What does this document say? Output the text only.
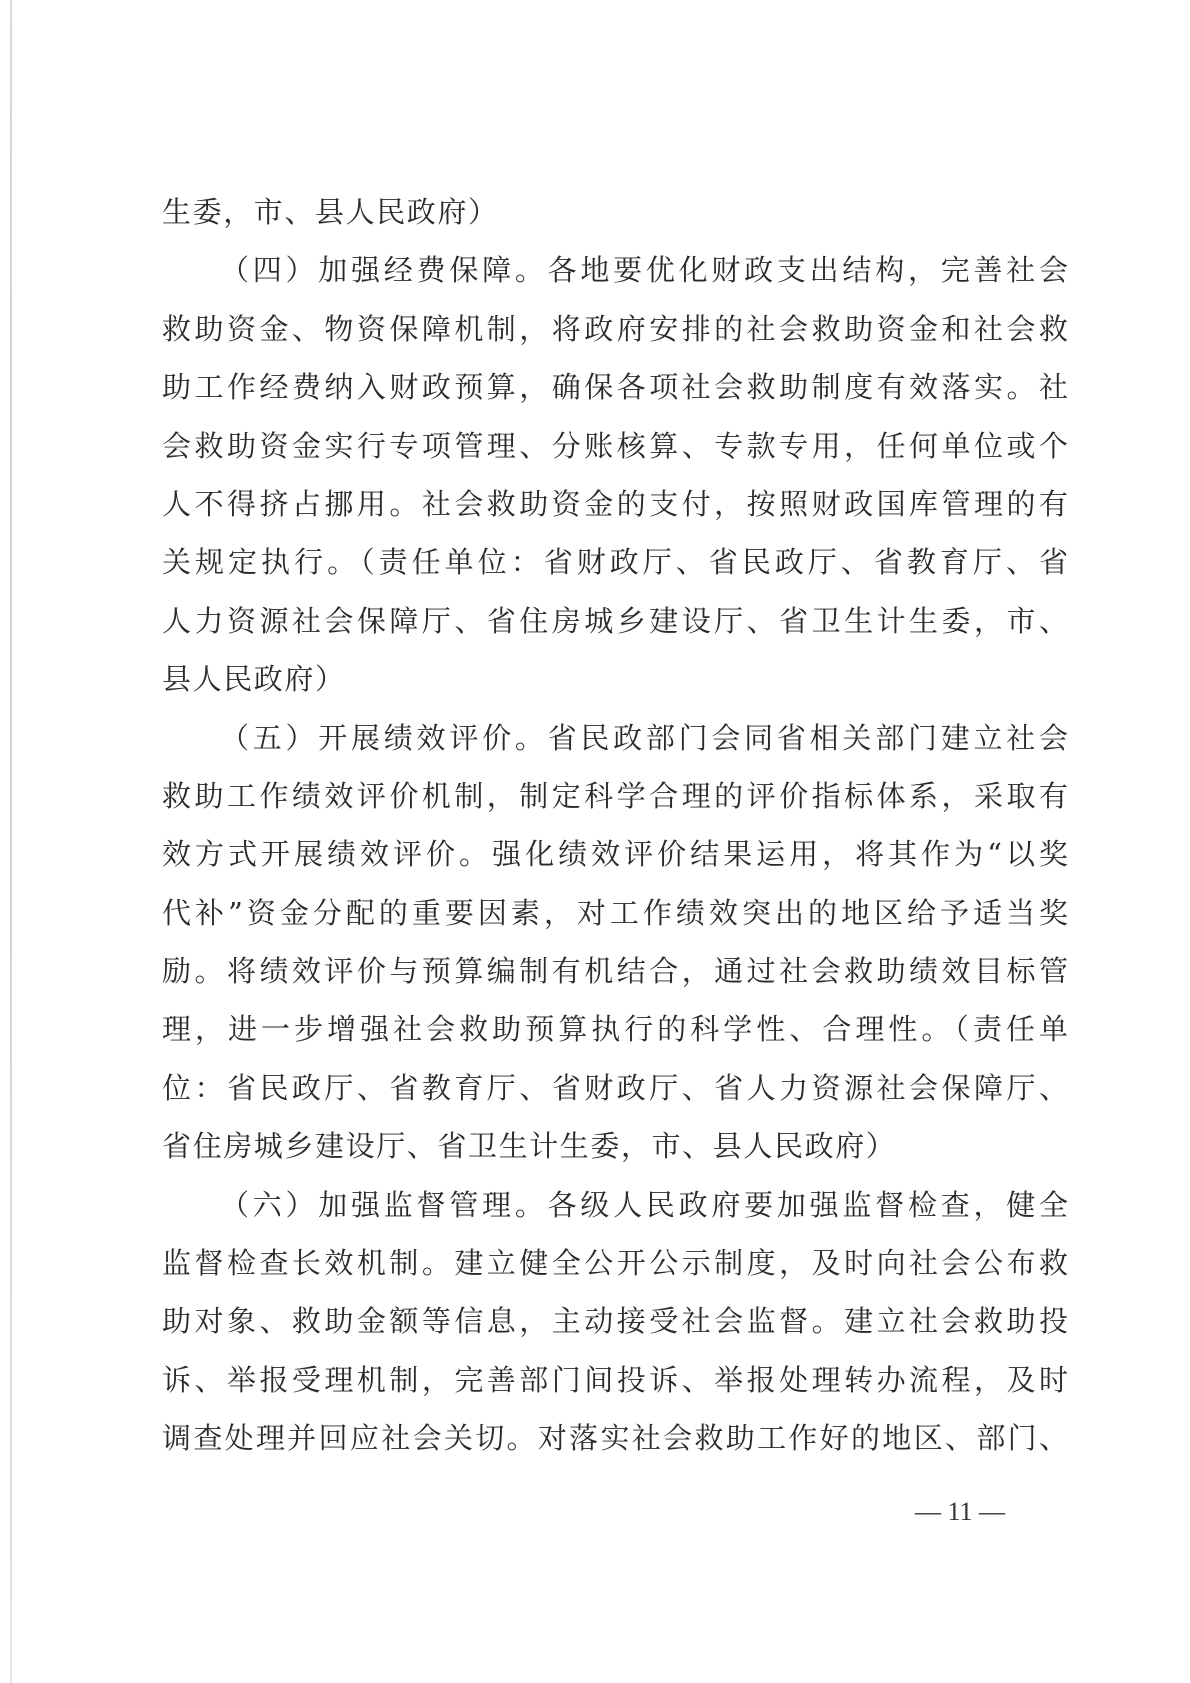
生委，市、县人民政府）
（四）加强经费保障。各地要优化财政支出结构，完善社会
救助资金、物资保障机制，将政府安排的社会救助资金和社会救
助工作经费纳入财政预算，确保各项社会救助制度有效落实。社
会救助资金实行专项管理、分账核算、专款专用，任何单位或个
人不得挤占挪用。社会救助资金的支付，按照财政国库管理的有
关规定执行。（责任单位：省财政厅、省民政厅、省教育厅、省
人力资源社会保障厅、省住房城乡建设厅、省卫生计生委，市、
县人民政府）
（五）开展绩效评价。省民政部门会同省相关部门建立社会
救助工作绩效评价机制，制定科学合理的评价指标体系，采取有
效方式开展绩效评价。强化绩效评价结果运用，将其作为“以奖
代补”资金分配的重要因素，对工作绩效突出的地区给予适当奖
励。将绩效评价与预算编制有机结合，通过社会救助绩效目标管
理，进一步增强社会救助预算执行的科学性、合理性。（责任单
位：省民政厅、省教育厅、省财政厅、省人力资源社会保障厅、
省住房城乡建设厅、省卫生计生委，市、县人民政府）
（六）加强监督管理。各级人民政府要加强监督检查，健全
监督检查长效机制。建立健全公开公示制度，及时向社会公布救
助对象、救助金额等信息，主动接受社会监督。建立社会救助投
诉、举报受理机制，完善部门间投诉、举报处理转办流程，及时
调查处理并回应社会关切。对落实社会救助工作好的地区、部门、
— 11 —
